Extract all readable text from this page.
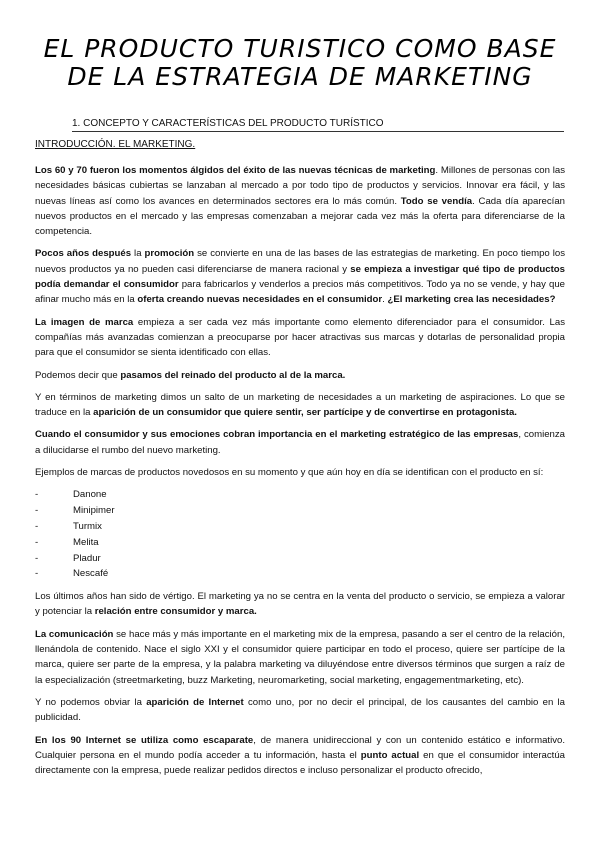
EL PRODUCTO TURISTICO COMO BASE
DE LA ESTRATEGIA DE MARKETING
1. CONCEPTO Y CARACTERÍSTICAS DEL PRODUCTO TURÍSTICO
INTRODUCCIÓN. EL MARKETING.

Los 60 y 70 fueron los momentos álgidos del éxito de las nuevas técnicas de marketing. Millones de personas con las necesidades básicas cubiertas se lanzaban al mercado a por todo tipo de productos y servicios. Innovar era fácil, y las nuevas líneas así como los avances en determinados sectores era lo más común. Todo se vendía. Cada día aparecían nuevos productos en el mercado y las empresas comenzaban a mejorar cada vez más la oferta para diferenciarse de la competencia.

Pocos años después la promoción se convierte en una de las bases de las estrategias de marketing. En poco tiempo los nuevos productos ya no pueden casi diferenciarse de manera racional y se empieza a investigar qué tipo de productos podía demandar el consumidor para fabricarlos y venderlos a precios más competitivos. Todo ya no se vende, y hay que afinar mucho más en la oferta creando nuevas necesidades en el consumidor. ¿El marketing crea las necesidades?

La imagen de marca empieza a ser cada vez más importante como elemento diferenciador para el consumidor. Las compañías más avanzadas comienzan a preocuparse por hacer atractivas sus marcas y dotarlas de personalidad propia para que el consumidor se sienta identificado con ellas.

Podemos decir que pasamos del reinado del producto al de la marca.

Y en términos de marketing dimos un salto de un marketing de necesidades a un marketing de aspiraciones. Lo que se traduce en la aparición de un consumidor que quiere sentir, ser partícipe y de convertirse en protagonista.

Cuando el consumidor y sus emociones cobran importancia en el marketing estratégico de las empresas, comienza a dilucidarse el rumbo del nuevo marketing.

Ejemplos de marcas de productos novedosos en su momento y que aún hoy en día se identifican con el producto en sí:

-	Danone
-	Minipimer
-	Turmix
-	Melita
-	Pladur
-	Nescafé

Los últimos años han sido de vértigo. El marketing ya no se centra en la venta del producto o servicio, se empieza a valorar y potenciar la relación entre consumidor y marca.

La comunicación se hace más y más importante en el marketing mix de la empresa, pasando a ser el centro de la relación, llenándola de contenido. Nace el siglo XXI y el consumidor quiere participar en todo el proceso, quiere ser partícipe de la marca, quiere ser parte de la empresa, y la palabra marketing va diluyéndose entre diversos términos que surgen a raíz de la especialización (streetmarketing, buzz Marketing, neuromarketing, social marketing, engagementmarketing, etc).

Y no podemos obviar la aparición de Internet como uno, por no decir el principal, de los causantes del cambio en la publicidad.

En los 90 Internet se utiliza como escaparate, de manera unidireccional y con un contenido estático e informativo. Cualquier persona en el mundo podía acceder a tu información, hasta el punto actual en que el consumidor interactúa directamente con la empresa, puede realizar pedidos directos e incluso personalizar el producto ofrecido,
